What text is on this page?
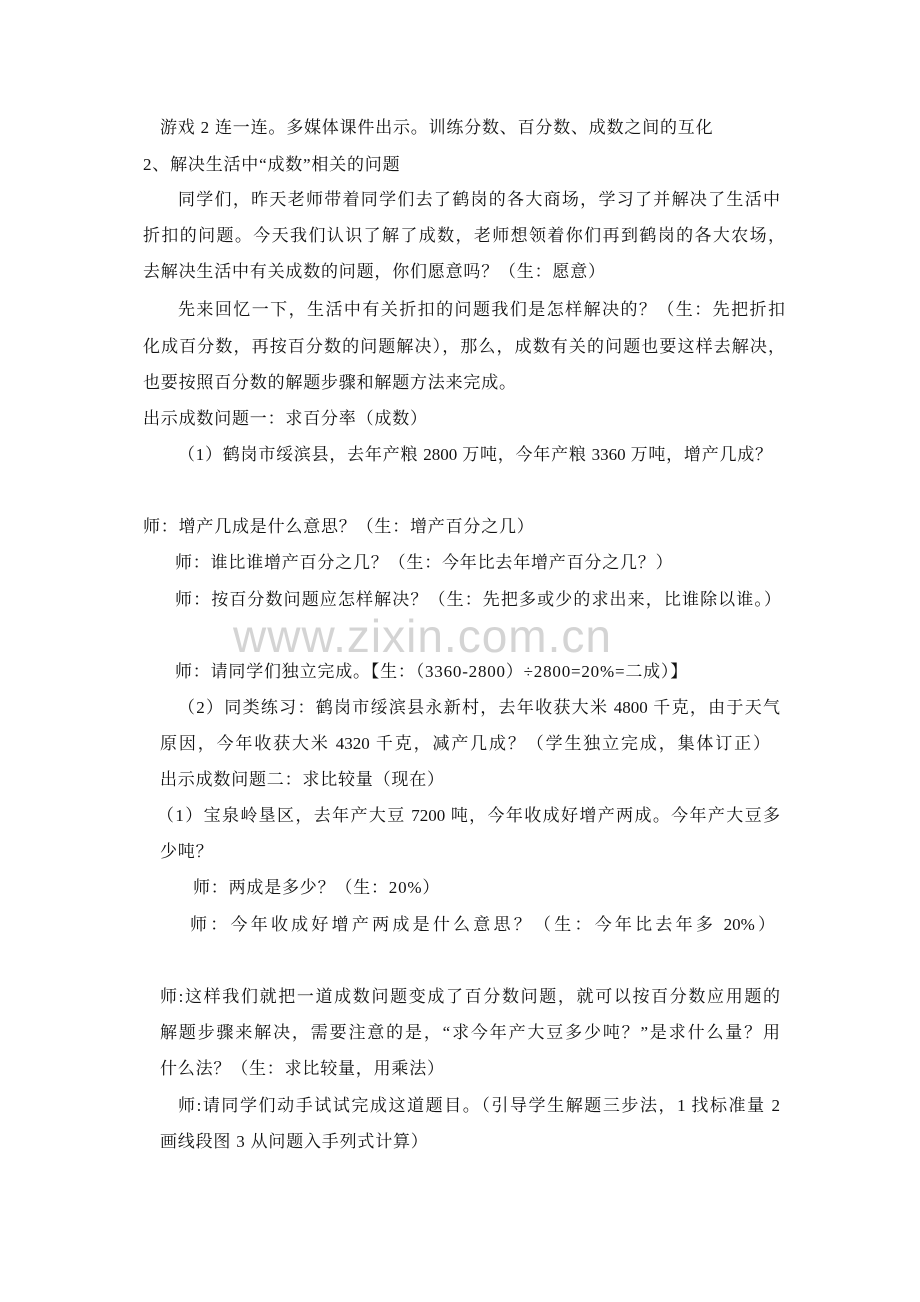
游戏 2 连一连。多媒体课件出示。训练分数、百分数、成数之间的互化
2、解决生活中“成数”相关的问题
同学们，昨天老师带着同学们去了鹤岗的各大商场，学习了并解决了生活中
折扣的问题。今天我们认识了解了成数，老师想领着你们再到鹤岗的各大农场，
去解决生活中有关成数的问题，你们愿意吗？（生：愿意）
先来回忆一下，生活中有关折扣的问题我们是怎样解决的？（生：先把折扣
化成百分数，再按百分数的问题解决），那么，成数有关的问题也要这样去解决，
也要按照百分数的解题步骤和解题方法来完成。
出示成数问题一：求百分率（成数）
（1）鹤岗市绥滨县，去年产粮 2800 万吨，今年产粮 3360 万吨，增产几成？
师：增产几成是什么意思？（生：增产百分之几）
师：谁比谁增产百分之几？（生：今年比去年增产百分之几？）
师：按百分数问题应怎样解决？（生：先把多或少的求出来，比谁除以谁。）
www.zixin.com.cn
师：请同学们独立完成。【生：（3360-2800）÷2800=20%=二成）】
（2）同类练习：鹤岗市绥滨县永新村，去年收获大米 4800 千克，由于天气
原因，今年收获大米 4320 千克，减产几成？（学生独立完成，集体订正）
出示成数问题二：求比较量（现在）
（1）宝泉岭垦区，去年产大豆 7200 吨，今年收成好增产两成。今年产大豆多
少吨？
师：两成是多少？（生：20%）
师：今年收成好增产两成是什么意思？（生：今年比去年多 20%）
师:这样我们就把一道成数问题变成了百分数问题，就可以按百分数应用题的
解题步骤来解决，需要注意的是，“求今年产大豆多少吨？”是求什么量？用
什么法？（生：求比较量，用乘法）
师:请同学们动手试试完成这道题目。（引导学生解题三步法，1 找标准量 2
画线段图 3 从问题入手列式计算）
